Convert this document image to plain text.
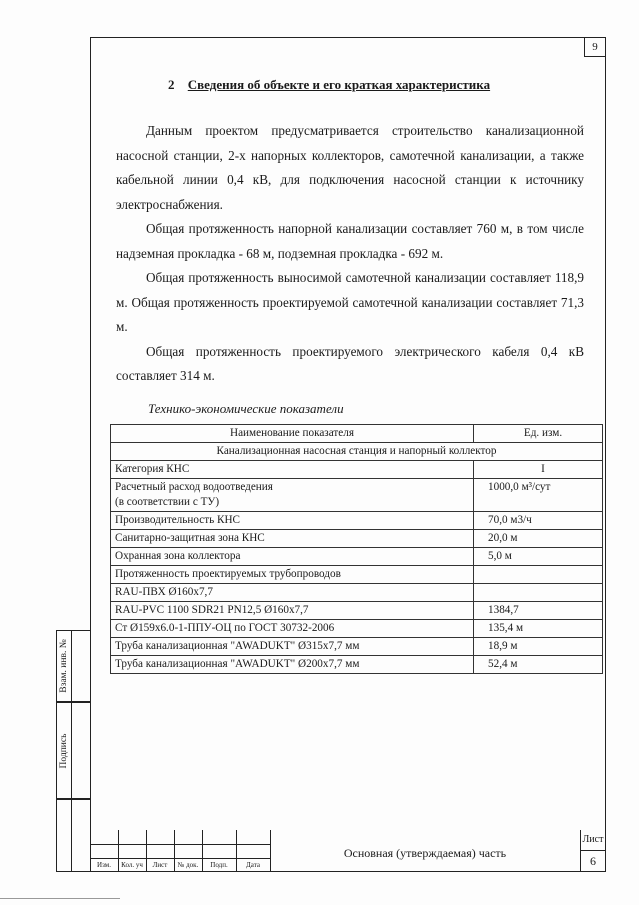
9
2 Сведения об объекте и его краткая характеристика

Данным проектом предусматривается строительство канализационной насосной станции, 2-х напорных коллекторов, самотечной канализации, а также кабельной линии 0,4 кВ, для подключения насосной станции к источнику электроснабжения.

Общая протяженность напорной канализации составляет 760 м, в том числе надземная прокладка - 68 м, подземная прокладка - 692 м.

Общая протяженность выносимой самотечной канализации составляет 118,9 м. Общая протяженность проектируемой самотечной канализации составляет 71,3 м.

Общая протяженность проектируемого электрического кабеля 0,4 кВ составляет 314 м.

Технико-экономические показатели
Наименование показателя	Ед. изм.
Канализационная насосная станция и напорный коллектор	
Категория КНС	I
Расчетный расход водоотведения
(в соответствии с ТУ)	1000,0 м³/сут
Производительность КНС	70,0 м3/ч
Санитарно-защитная зона КНС	20,0 м
Охранная зона коллектора	5,0 м
Протяженность проектируемых трубопроводов	
RAU-ПВХ Ø160х7,7	
RAU-PVC 1100 SDR21 PN12,5 Ø160х7,7	1384,7
Ст Ø159х6.0-1-ППУ-ОЦ по ГОСТ 30732-2006	135,4 м
Труба канализационная "AWADUKT" Ø315х7,7 мм	18,9 м
Труба канализационная "AWADUKT" Ø200х7,7 мм	52,4 м
Взам. инв. №
Подпись
Изм.	Кол. уч	Лист	№ док.	Подп.	Дата
Основная (утверждаемая) часть
Лист
6
